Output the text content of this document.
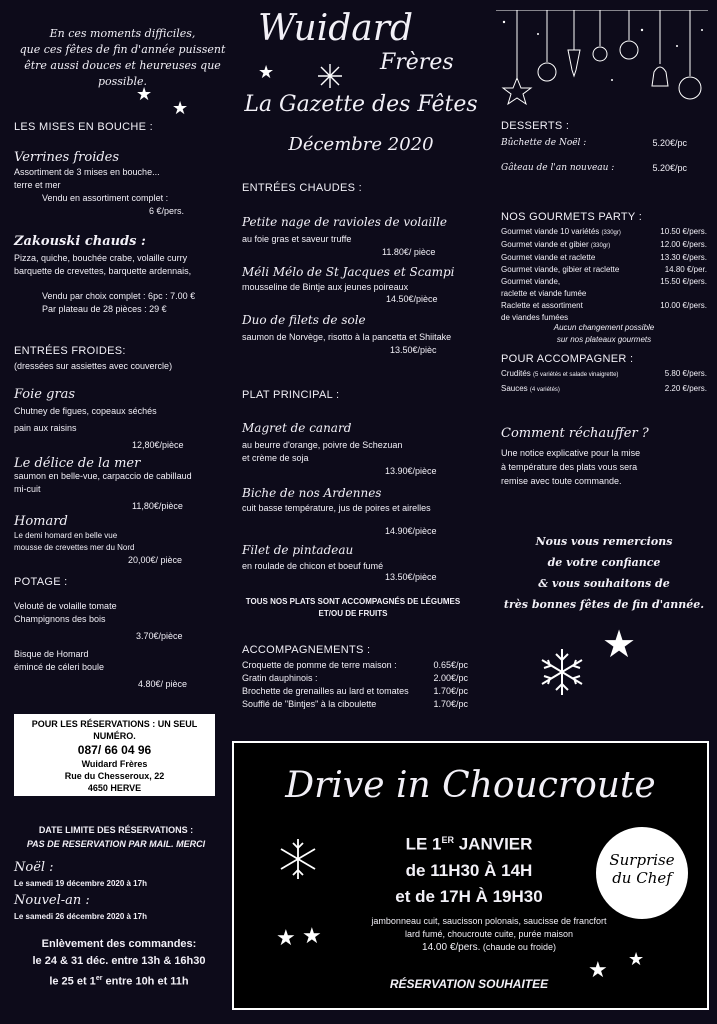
En ces moments difficiles,
que ces fêtes de fin d'année puissent
être aussi douces et heureuses que possible.
★
★
LES MISES EN BOUCHE :
Verrines froides
Assortiment de 3 mises en bouche...
terre et mer
Vendu en assortiment complet :
6 €/pers.
Zakouski chauds :
Pizza, quiche, bouchée crabe, volaille curry
barquette de crevettes, barquette ardennais,
Vendu par choix complet : 6pc : 7.00 €
Par plateau de 28 pièces : 29 €
ENTRÉES FROIDES:
(dressées sur assiettes avec couvercle)
Foie gras
Chutney de figues, copeaux séchés
pain aux raisins
12,80€/pièce
Le délice de la mer
saumon en belle-vue, carpaccio de cabillaud
mi-cuit
11,80€/pièce
Homard
Le demi homard en belle vue
mousse de crevettes mer du Nord
20,00€/ pièce
POTAGE :
Velouté de volaille tomate
Champignons des bois
3.70€/pièce
Bisque de Homard
émincé de céleri boule
4.80€/ pièce
POUR LES RÉSERVATIONS : UN SEUL NUMÉRO.
087/ 66 04 96
Wuidard Frères
Rue du Chesseroux, 22
4650 HERVE
DATE LIMITE DES RÉSERVATIONS :
PAS DE RESERVATION PAR MAIL. MERCI
Noël :
Le samedi 19 décembre 2020 à 17h
Nouvel-an :
Le samedi 26 décembre 2020 à 17h
Enlèvement des commandes:
le 24 & 31 déc. entre 13h & 16h30
le 25 et 1er entre 10h et 11h
Wuidard
Frères
★
La Gazette des Fêtes
Décembre 2020
ENTRÉES CHAUDES :
Petite nage de ravioles de volaille
au foie gras et saveur truffe
11.80€/ pièce
Méli Mélo de St Jacques et Scampi
mousseline de Bintje aux jeunes poireaux
14.50€/pièce
Duo de filets de sole
saumon de Norvège, risotto à la pancetta et Shiitake
13.50€/pièc
PLAT PRINCIPAL :
Magret de canard
au beurre d'orange, poivre de Schezuan
et crème de soja
13.90€/pièce
Biche de nos Ardennes
cuit basse température, jus de poires et airelles
14.90€/pièce
Filet de pintadeau
en roulade de chicon et boeuf fumé
13.50€/pièce
TOUS NOS PLATS SONT ACCOMPAGNÉS DE LÉGUMES
ET/OU DE FRUITS
ACCOMPAGNEMENTS :
Croquette de pomme de terre maison :	0.65€/pc
Gratin dauphinois :	2.00€/pc
Brochette de grenailles au lard et tomates	1.70€/pc
Soufflé de "Bintjes" à la ciboulette	1.70€/pc
DESSERTS :
Bûchette de Noël :	5.20€/pc
Gâteau de l'an nouveau :	5.20€/pc
NOS GOURMETS PARTY :
Gourmet viande 10 variétés (330gr)	10.50 €/pers.
Gourmet viande et gibier (330gr)	12.00 €/pers.
Gourmet viande et raclette	13.30 €/pers.
Gourmet viande, gibier et raclette	14.80 €/per.
Gourmet viande,	15.50 €/pers.
raclette et viande fumée
Raclette et assortiment	10.00 €/pers.
de viandes fumées
Aucun changement possible
sur nos plateaux gourmets
POUR ACCOMPAGNER :
Crudités (5 variétés et salade vinaigrette)	5.80 €/pers.
Sauces (4 variétés)	2.20 €/pers.
Comment réchauffer ?
Une notice explicative pour la mise
à température des plats vous sera
remise avec toute commande.
Nous vous remercions
de votre confiance
& vous souhaitons de
très bonnes fêtes de fin d'année.
★
Drive in Choucroute
LE 1ER JANVIER
de 11H30 À 14H
et de 17H À 19H30
Surprise
du Chef
jambonneau cuit, saucisson polonais, saucisse de francfort
lard fumé, choucroute cuite, purée maison
14.00 €/pers. (chaude ou froide)
★ ★
★ ★
RÉSERVATION SOUHAITEE
